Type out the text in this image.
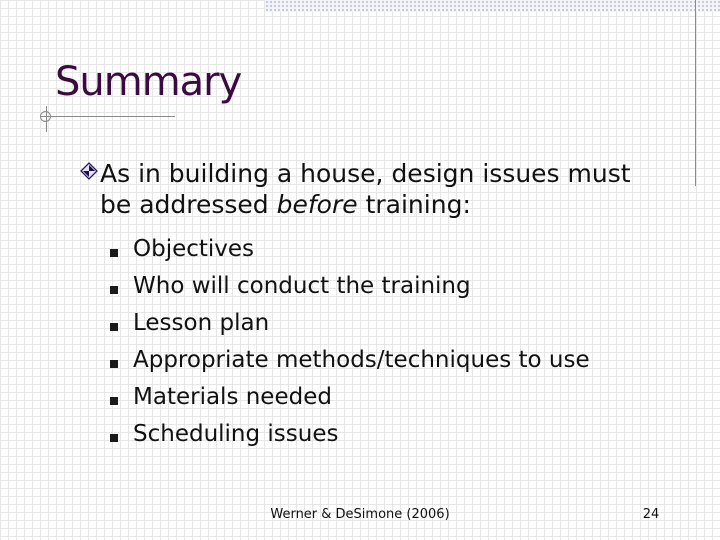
Summary

As in building a house, design issues must be addressed before training:

Objectives
Who will conduct the training
Lesson plan
Appropriate methods/techniques to use
Materials needed
Scheduling issues
Werner & DeSimone (2006)	24
